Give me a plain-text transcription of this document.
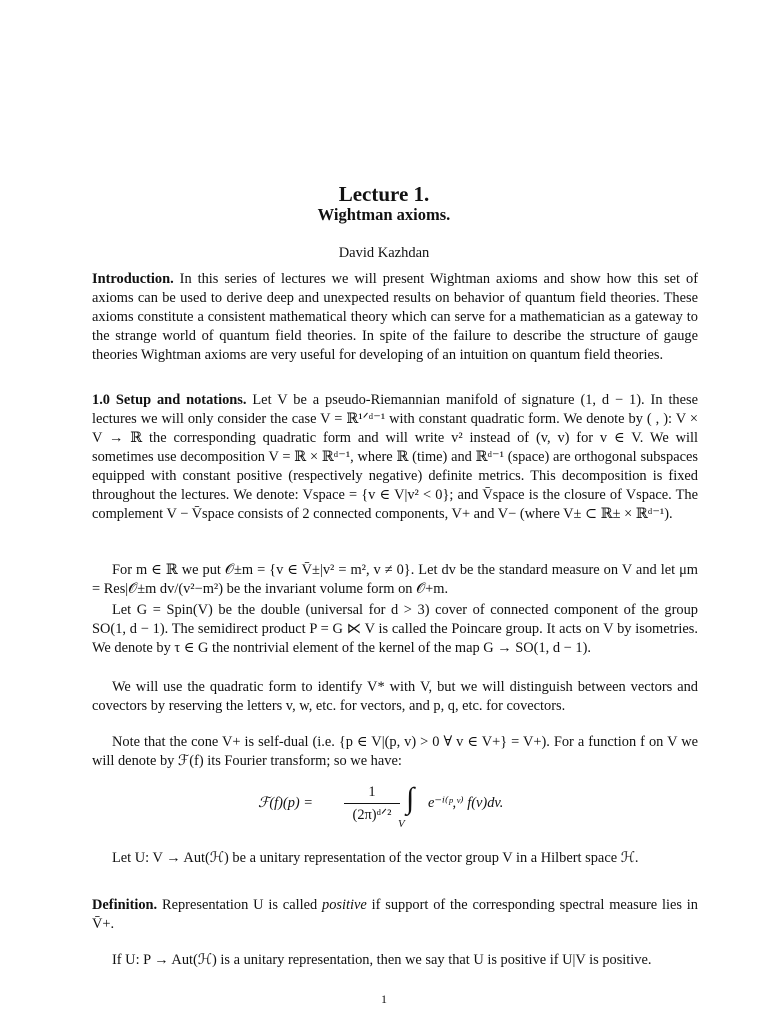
Lecture 1.
Wightman axioms.

David Kazhdan

Introduction. In this series of lectures we will present Wightman axioms and show how this set of axioms can be used to derive deep and unexpected results on behavior of quantum field theories. These axioms constitute a consistent mathematical theory which can serve for a mathematician as a gateway to the strange world of quantum field theories. In spite of the failure to describe the structure of gauge theories Wightman axioms are very useful for developing of an intuition on quantum field theories.

1.0 Setup and notations. Let V be a pseudo-Riemannian manifold of signature (1, d − 1). In these lectures we will only consider the case V = ℝ¹ᐟᵈ⁻¹ with constant quadratic form. We denote by ( , ): V × V → ℝ the corresponding quadratic form and will write v² instead of (v, v) for v ∈ V. We will sometimes use decomposition V = ℝ × ℝᵈ⁻¹, where ℝ (time) and ℝᵈ⁻¹ (space) are orthogonal subspaces equipped with constant positive (respectively negative) definite metrics. This decomposition is fixed throughout the lectures. We denote: Vspace = {v ∈ V|v² < 0}; and V̄space is the closure of Vspace. The complement V − V̄space consists of 2 connected components, V+ and V− (where V± ⊂ ℝ± × ℝᵈ⁻¹).

For m ∈ ℝ we put 𝒪±m = {v ∈ V̄±|v² = m², v ≠ 0}. Let dv be the standard measure on V and let μm = Res|𝒪±m dv/(v²−m²) be the invariant volume form on 𝒪+m.

Let G = Spin(V) be the double (universal for d > 3) cover of connected component of the group SO(1, d − 1). The semidirect product P = G ⋉ V is called the Poincare group. It acts on V by isometries. We denote by τ ∈ G the nontrivial element of the kernel of the map G → SO(1, d − 1).

We will use the quadratic form to identify V* with V, but we will distinguish between vectors and covectors by reserving the letters v, w, etc. for vectors, and p, q, etc. for covectors.

Note that the cone V+ is self-dual (i.e. {p ∈ V|(p, v) > 0 ∀ v ∈ V+} = V+). For a function f on V we will denote by ℱ(f) its Fourier transform; so we have:

ℱ(f)(p) =
1
(2π)ᵈᐟ² ∫
V
e⁻ⁱ⁽ᵖ,ᵛ⁾ f(v)dv.

Let U: V → Aut(ℋ) be a unitary representation of the vector group V in a Hilbert space ℋ.

Definition. Representation U is called positive if support of the corresponding spectral measure lies in V̄+.

If U: P → Aut(ℋ) is a unitary representation, then we say that U is positive if U|V is positive.

1
